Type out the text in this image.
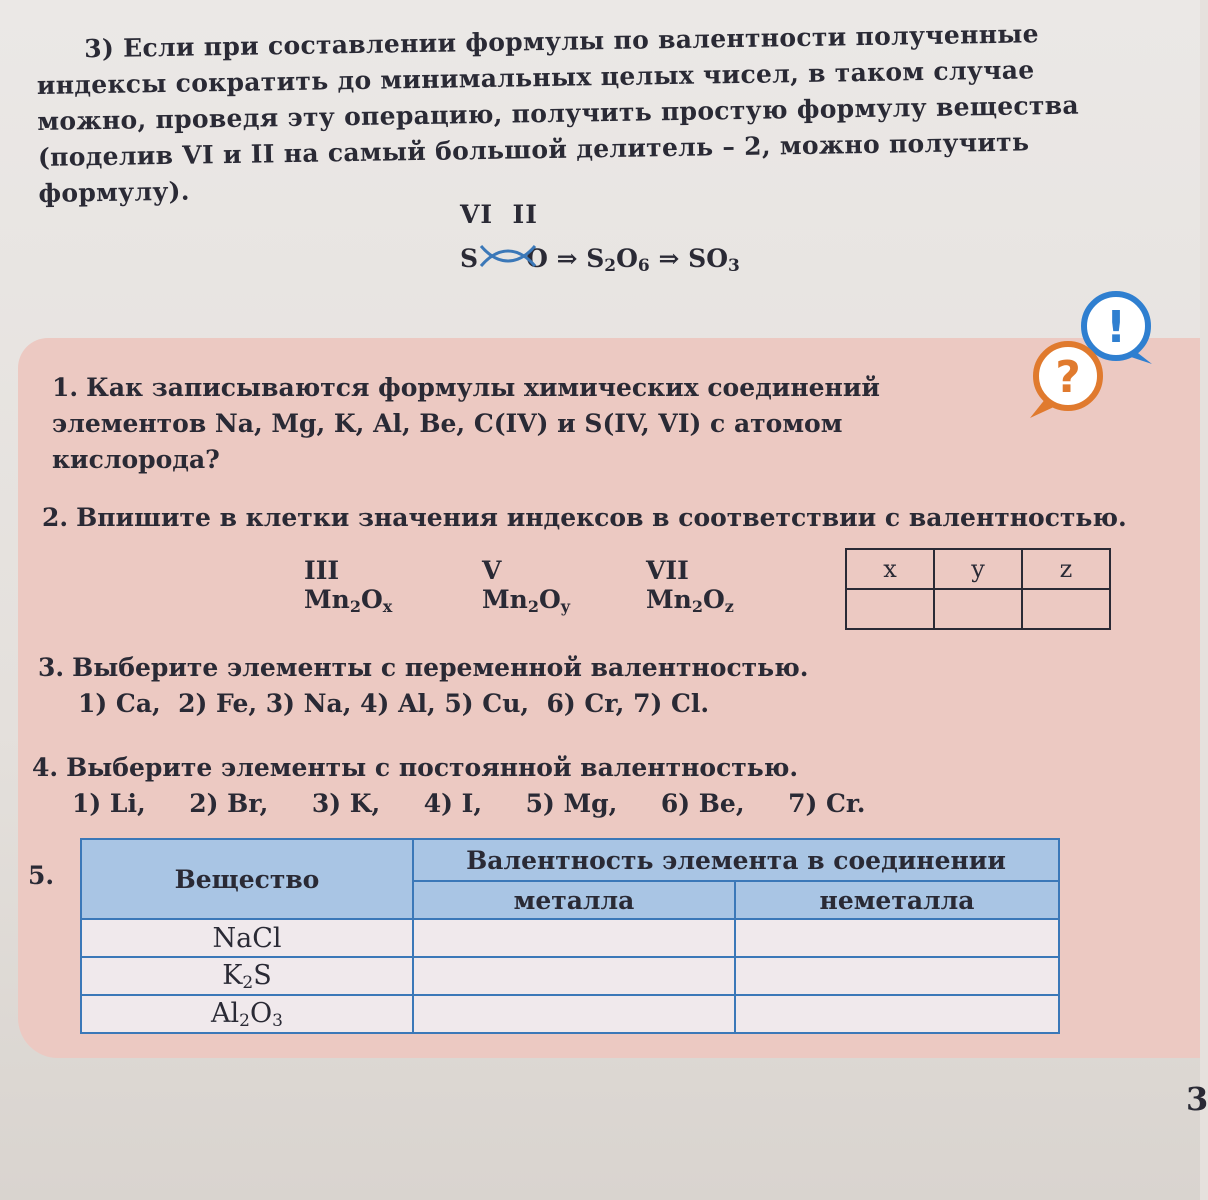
3) Если при составлении формулы по валентности полученные индексы сократить до минимальных целых чисел, в таком случае можно, проведя эту операцию, получить простую формулу вещества (поделив VI и II на самый большой делитель – 2, можно получить формулу).
VI  II
S O ⇒ $S_2O_6$ ⇒ $SO_3$
!
?
1. Как записываются формулы химических соединений элементов Na, Mg, K, Al, Be, C(IV) и S(IV, VI) с атомом кислорода?
2. Впишите в клетки значения индексов в соответствии с валентностью.
III
$Mn_2O_x$
V
$Mn_2O_y$
VII
$Mn_2O_z$
x	y	z

3. Выберите элементы с переменной валентностью.
1) Ca,  2) Fe, 3) Na, 4) Al, 5) Cu,  6) Cr, 7) Cl.
4. Выберите элементы с постоянной валентностью.
1) Li,     2) Br,     3) K,     4) I,     5) Mg,     6) Be,     7) Cr.
5.	Вещество	Валентность элемента в соединении	
	металла	неметалла
NaCl		
$K_2S$		
$Al_2O_3$		
3
